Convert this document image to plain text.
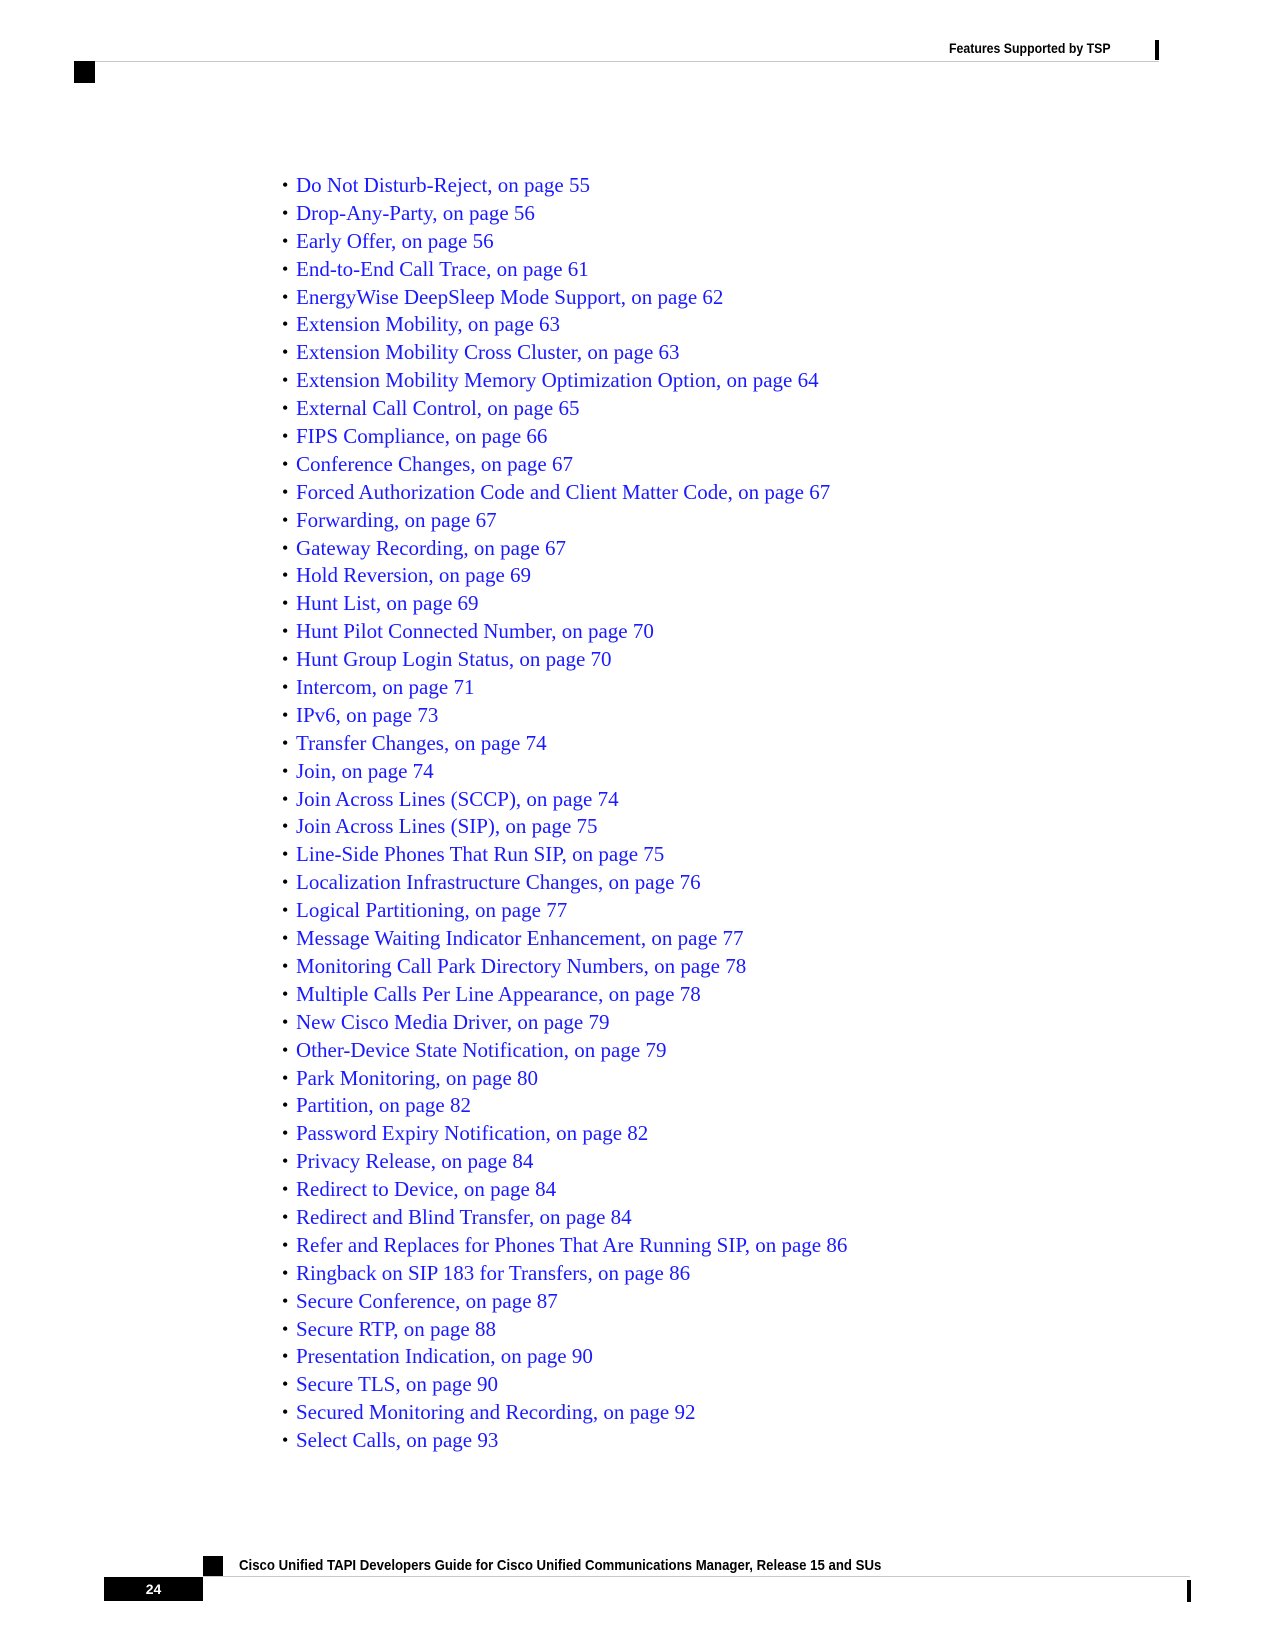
Features Supported by TSP
• Do Not Disturb-Reject, on page 55
• Drop-Any-Party, on page 56
• Early Offer, on page 56
• End-to-End Call Trace, on page 61
• EnergyWise DeepSleep Mode Support, on page 62
• Extension Mobility, on page 63
• Extension Mobility Cross Cluster, on page 63
• Extension Mobility Memory Optimization Option, on page 64
• External Call Control, on page 65
• FIPS Compliance, on page 66
• Conference Changes, on page 67
• Forced Authorization Code and Client Matter Code, on page 67
• Forwarding, on page 67
• Gateway Recording, on page 67
• Hold Reversion, on page 69
• Hunt List, on page 69
• Hunt Pilot Connected Number, on page 70
• Hunt Group Login Status, on page 70
• Intercom, on page 71
• IPv6, on page 73
• Transfer Changes, on page 74
• Join, on page 74
• Join Across Lines (SCCP), on page 74
• Join Across Lines (SIP), on page 75
• Line-Side Phones That Run SIP, on page 75
• Localization Infrastructure Changes, on page 76
• Logical Partitioning, on page 77
• Message Waiting Indicator Enhancement, on page 77
• Monitoring Call Park Directory Numbers, on page 78
• Multiple Calls Per Line Appearance, on page 78
• New Cisco Media Driver, on page 79
• Other-Device State Notification, on page 79
• Park Monitoring, on page 80
• Partition, on page 82
• Password Expiry Notification, on page 82
• Privacy Release, on page 84
• Redirect to Device, on page 84
• Redirect and Blind Transfer, on page 84
• Refer and Replaces for Phones That Are Running SIP, on page 86
• Ringback on SIP 183 for Transfers, on page 86
• Secure Conference, on page 87
• Secure RTP, on page 88
• Presentation Indication, on page 90
• Secure TLS, on page 90
• Secured Monitoring and Recording, on page 92
• Select Calls, on page 93
Cisco Unified TAPI Developers Guide for Cisco Unified Communications Manager, Release 15 and SUs
24
